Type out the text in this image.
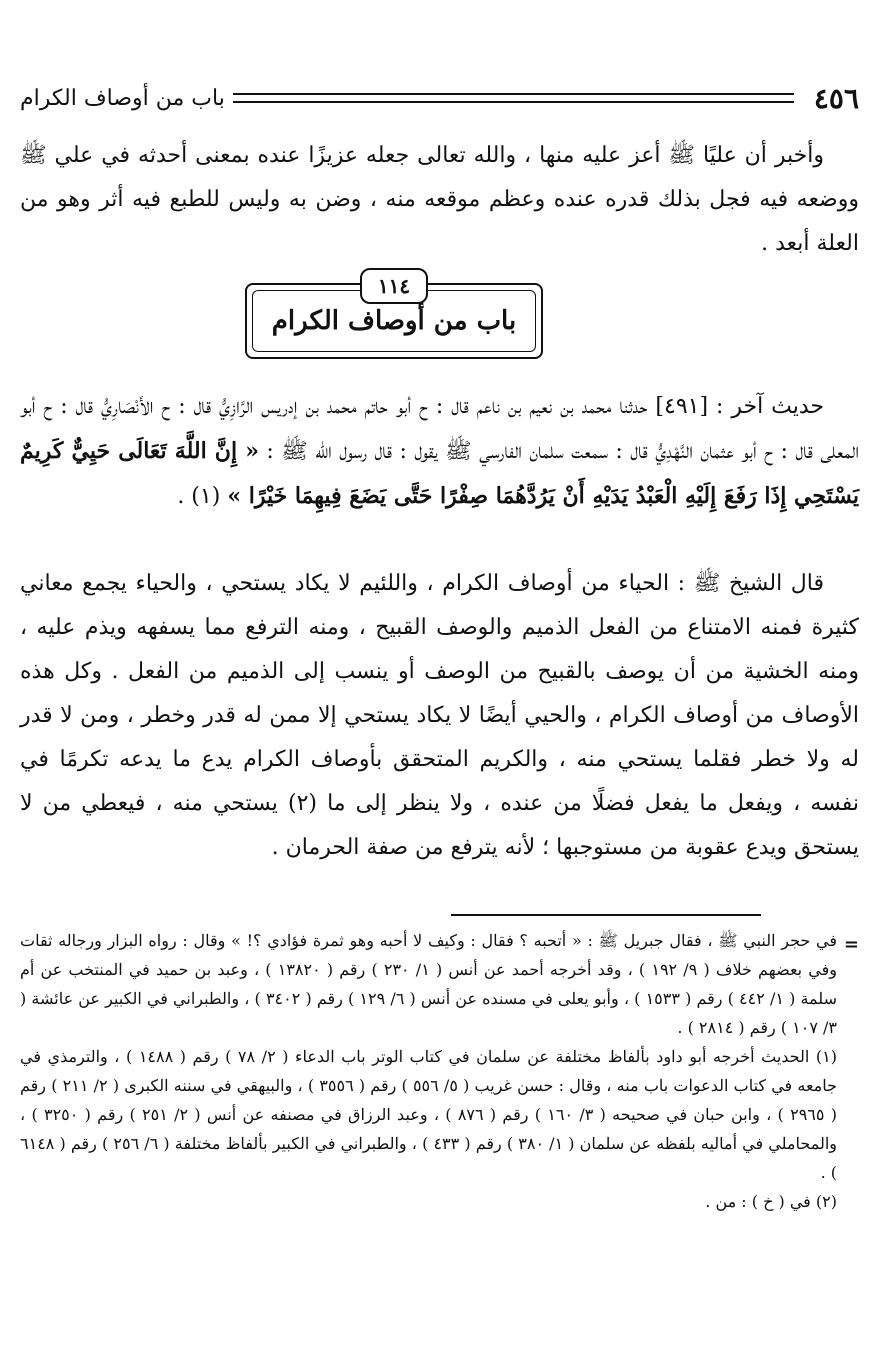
٤٥٦
باب من أوصاف الكرام

وأخبر أن عليًا ﷺ أعز عليه منها ، والله تعالى جعله عزيزًا عنده بمعنى أحدثه في علي ﷺ ووضعه فيه فجل بذلك قدره عنده وعظم موقعه منه ، وضن به وليس للطبع فيه أثر وهو من العلة أبعد .

باب من أوصاف الكرام
١١٤

حديث آخر : [٤٩١] حدثنا محمد بن نعيم بن ناعم قال : ح أبو حاتم محمد بن إدريس الرَّازِيُّ قال : ح الأَنْصَارِيُّ قال : ح أبو المعلى قال : ح أبو عثمان النَّهْدِيُّ قال : سمعت سلمان الفارسي ﷺ يقول : قال رسول الله ﷺ : « إِنَّ اللَّهَ تَعَالَى حَيِيٌّ كَرِيمٌ يَسْتَحِي إِذَا رَفَعَ إِلَيْهِ الْعَبْدُ يَدَيْهِ أَنْ يَرُدَّهُمَا صِفْرًا حَتَّى يَضَعَ فِيهِمَا خَيْرًا » (١) .

قال الشيخ ﷺ : الحياء من أوصاف الكرام ، واللئيم لا يكاد يستحي ، والحياء يجمع معاني كثيرة فمنه الامتناع من الفعل الذميم والوصف القبيح ، ومنه الترفع مما يسفهه ويذم عليه ، ومنه الخشية من أن يوصف بالقبيح من الوصف أو ينسب إلى الذميم من الفعل . وكل هذه الأوصاف من أوصاف الكرام ، والحيي أيضًا لا يكاد يستحي إلا ممن له قدر وخطر ، ومن لا قدر له ولا خطر فقلما يستحي منه ، والكريم المتحقق بأوصاف الكرام يدع ما يدعه تكرمًا في نفسه ، ويفعل ما يفعل فضلًا من عنده ، ولا ينظر إلى ما (٢) يستحي منه ، فيعطي من لا يستحق ويدع عقوبة من مستوجبها ؛ لأنه يترفع من صفة الحرمان .

=

في حجر النبي ﷺ ، فقال جبريل ﷺ : « أتحبه ؟ فقال : وكيف لا أحبه وهو ثمرة فؤادي ؟! » وقال : رواه البزار ورجاله ثقات وفي بعضهم خلاف ( ٩/ ١٩٢ ) ، وقد أخرجه أحمد عن أنس ( ١/ ٢٣٠ ) رقم ( ١٣٨٢٠ ) ، وعبد بن حميد في المنتخب عن أم سلمة ( ١/ ٤٤٢ ) رقم ( ١٥٣٣ ) ، وأبو يعلى في مسنده عن أنس ( ٦/ ١٢٩ ) رقم ( ٣٤٠٢ ) ، والطبراني في الكبير عن عائشة ( ٣/ ١٠٧ ) رقم ( ٢٨١٤ ) .

(١) الحديث أخرجه أبو داود بألفاظ مختلفة عن سلمان في كتاب الوتر باب الدعاء ( ٢/ ٧٨ ) رقم ( ١٤٨٨ ) ، والترمذي في جامعه في كتاب الدعوات باب منه ، وقال : حسن غريب ( ٥/ ٥٥٦ ) رقم ( ٣٥٥٦ ) ، والبيهقي في سننه الكبرى ( ٢/ ٢١١ ) رقم ( ٢٩٦٥ ) ، وابن حبان في صحيحه ( ٣/ ١٦٠ ) رقم ( ٨٧٦ ) ، وعبد الرزاق في مصنفه عن أنس ( ٢/ ٢٥١ ) رقم ( ٣٢٥٠ ) ، والمحاملي في أماليه بلفظه عن سلمان ( ١/ ٣٨٠ ) رقم ( ٤٣٣ ) ، والطبراني في الكبير بألفاظ مختلفة ( ٦/ ٢٥٦ ) رقم ( ٦١٤٨ ) .

(٢) في ( خ ) : من .
